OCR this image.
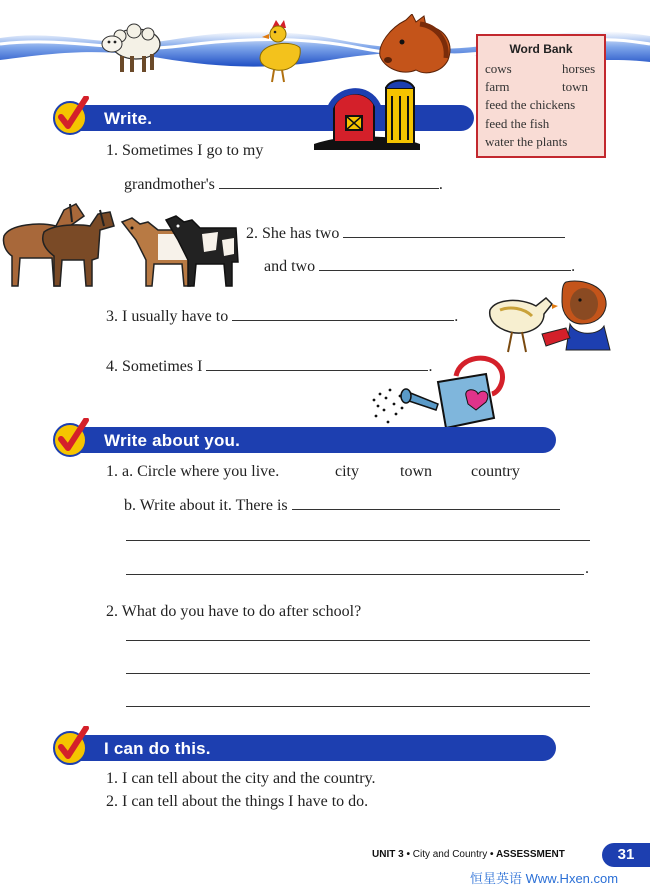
Word Bank
cows	horses
farm	town
feed the chickens
feed the fish
water the plants
Write.
1. Sometimes I go to my
grandmother's	.
2. She has two
and two	.
3. I usually have to	.
4. Sometimes I	.
Write about you.
1. a. Circle where you live.	city	town country
b. Write about it. There is
.
2. What do you have to do after school?
I can do this.
1. I can tell about the city and the country.
2. I can tell about the things I have to do.
UNIT 3 • City and Country • ASSESSMENT	31
恒星英语 Www.Hxen.com
